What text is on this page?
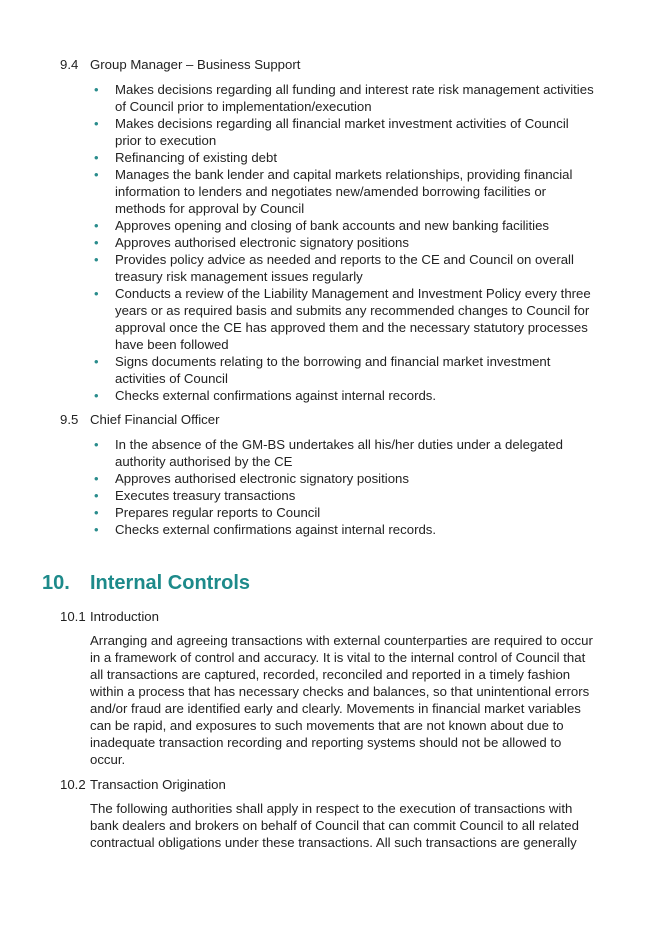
9.4 Group Manager – Business Support
• Makes decisions regarding all funding and interest rate risk management activities of Council prior to implementation/execution
• Makes decisions regarding all financial market investment activities of Council prior to execution
• Refinancing of existing debt
• Manages the bank lender and capital markets relationships, providing financial information to lenders and negotiates new/amended borrowing facilities or methods for approval by Council
• Approves opening and closing of bank accounts and new banking facilities
• Approves authorised electronic signatory positions
• Provides policy advice as needed and reports to the CE and Council on overall treasury risk management issues regularly
• Conducts a review of the Liability Management and Investment Policy every three years or as required basis and submits any recommended changes to Council for approval once the CE has approved them and the necessary statutory processes have been followed
• Signs documents relating to the borrowing and financial market investment activities of Council
• Checks external confirmations against internal records.
9.5 Chief Financial Officer
• In the absence of the GM-BS undertakes all his/her duties under a delegated authority authorised by the CE
• Approves authorised electronic signatory positions
• Executes treasury transactions
• Prepares regular reports to Council
• Checks external confirmations against internal records.
10.	Internal Controls
10.1 Introduction

Arranging and agreeing transactions with external counterparties are required to occur in a framework of control and accuracy. It is vital to the internal control of Council that all transactions are captured, recorded, reconciled and reported in a timely fashion within a process that has necessary checks and balances, so that unintentional errors and/or fraud are identified early and clearly. Movements in financial market variables can be rapid, and exposures to such movements that are not known about due to inadequate transaction recording and reporting systems should not be allowed to occur.

10.2 Transaction Origination

The following authorities shall apply in respect to the execution of transactions with bank dealers and brokers on behalf of Council that can commit Council to all related contractual obligations under these transactions. All such transactions are generally
